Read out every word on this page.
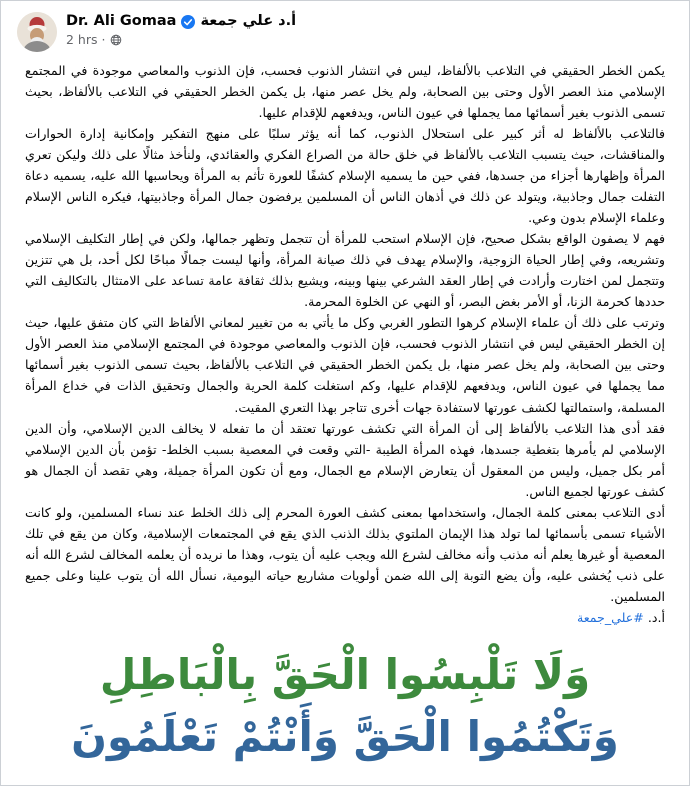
Dr. Ali Gomaa أ.د علي جمعة
2 hrs ·

يكمن الخطر الحقيقي في التلاعب بالألفاظ، ليس في انتشار الذنوب فحسب، فإن الذنوب والمعاصي موجودة في المجتمع الإسلامي منذ العصر الأول وحتى بين الصحابة، ولم يخل عصر منها، بل يكمن الخطر الحقيقي في التلاعب بالألفاظ، بحيث تسمى الذنوب بغير أسمائها مما يجملها في عيون الناس، ويدفعهم للإقدام عليها.

فالتلاعب بالألفاظ له أثر كبير على استحلال الذنوب، كما أنه يؤثر سلبًا على منهج التفكير وإمكانية إدارة الحوارات والمناقشات، حيث يتسبب التلاعب بالألفاظ في خلق حالة من الصراع الفكري والعقائدي، ولنأخذ مثالًا على ذلك وليكن تعري المرأة وإظهارها أجزاء من جسدها، ففي حين ما يسميه الإسلام كشفًا للعورة تأثم به المرأة ويحاسبها الله عليه، يسميه دعاة التفلت جمال وجاذبية، ويتولد عن ذلك في أذهان الناس أن المسلمين يرفضون جمال المرأة وجاذبيتها، فيكره الناس الإسلام وعلماء الإسلام بدون وعي.

فهم لا يصفون الواقع بشكل صحيح، فإن الإسلام استحب للمرأة أن تتجمل وتظهر جمالها، ولكن في إطار التكليف الإسلامي وتشريعه، وفي إطار الحياة الزوجية، والإسلام يهدف في ذلك صيانة المرأة، وأنها ليست جمالًا مباحًا لكل أحد، بل هي تتزين وتتجمل لمن اختارت وأرادت في إطار العقد الشرعي بينها وبينه، ويشيع بذلك ثقافة عامة تساعد على الامتثال بالتكاليف التي حددها كحرمة الزنا، أو الأمر بغض البصر، أو النهي عن الخلوة المحرمة.

وترتب على ذلك أن علماء الإسلام كرهوا التطور الغربي وكل ما يأتي به من تغيير لمعاني الألفاظ التي كان متفق عليها، حيث إن الخطر الحقيقي ليس في انتشار الذنوب فحسب، فإن الذنوب والمعاصي موجودة في المجتمع الإسلامي منذ العصر الأول وحتى بين الصحابة، ولم يخل عصر منها، بل يكمن الخطر الحقيقي في التلاعب بالألفاظ، بحيث تسمى الذنوب بغير أسمائها مما يجملها في عيون الناس، ويدفعهم للإقدام عليها، وكم استغلت كلمة الحرية والجمال وتحقيق الذات في خداع المرأة المسلمة، واستمالتها لكشف عورتها لاستفادة جهات أخرى تتاجر بهذا التعري المقيت.

فقد أدى هذا التلاعب بالألفاظ إلى أن المرأة التي تكشف عورتها تعتقد أن ما تفعله لا يخالف الدين الإسلامي، وأن الدين الإسلامي لم يأمرها بتغطية جسدها، فهذه المرأة الطيبة -التي وقعت في المعصية بسبب الخلط- تؤمن بأن الدين الإسلامي أمر بكل جميل، وليس من المعقول أن يتعارض الإسلام مع الجمال، ومع أن تكون المرأة جميلة، وهي تقصد أن الجمال هو كشف عورتها لجميع الناس.

أدى التلاعب بمعنى كلمة الجمال، واستخدامها بمعنى كشف العورة المحرم إلى ذلك الخلط عند نساء المسلمين، ولو كانت الأشياء تسمى بأسمائها لما تولد هذا الإيمان الملتوي بذلك الذنب الذي يقع في المجتمعات الإسلامية، وكان من يقع في تلك المعصية أو غيرها يعلم أنه مذنب وأنه مخالف لشرع الله ويجب عليه أن يتوب، وهذا ما نريده أن يعلمه المخالف لشرع الله أنه على ذنب يُخشى عليه، وأن يضع التوبة إلى الله ضمن أولويات مشاريع حياته اليومية، نسأل الله أن يتوب علينا وعلى جميع المسلمين.

أ.د. #علي_جمعة

وَلَا تَلْبِسُوا الْحَقَّ بِالْبَاطِلِ
وَتَكْتُمُوا الْحَقَّ وَأَنْتُمْ تَعْلَمُونَ
